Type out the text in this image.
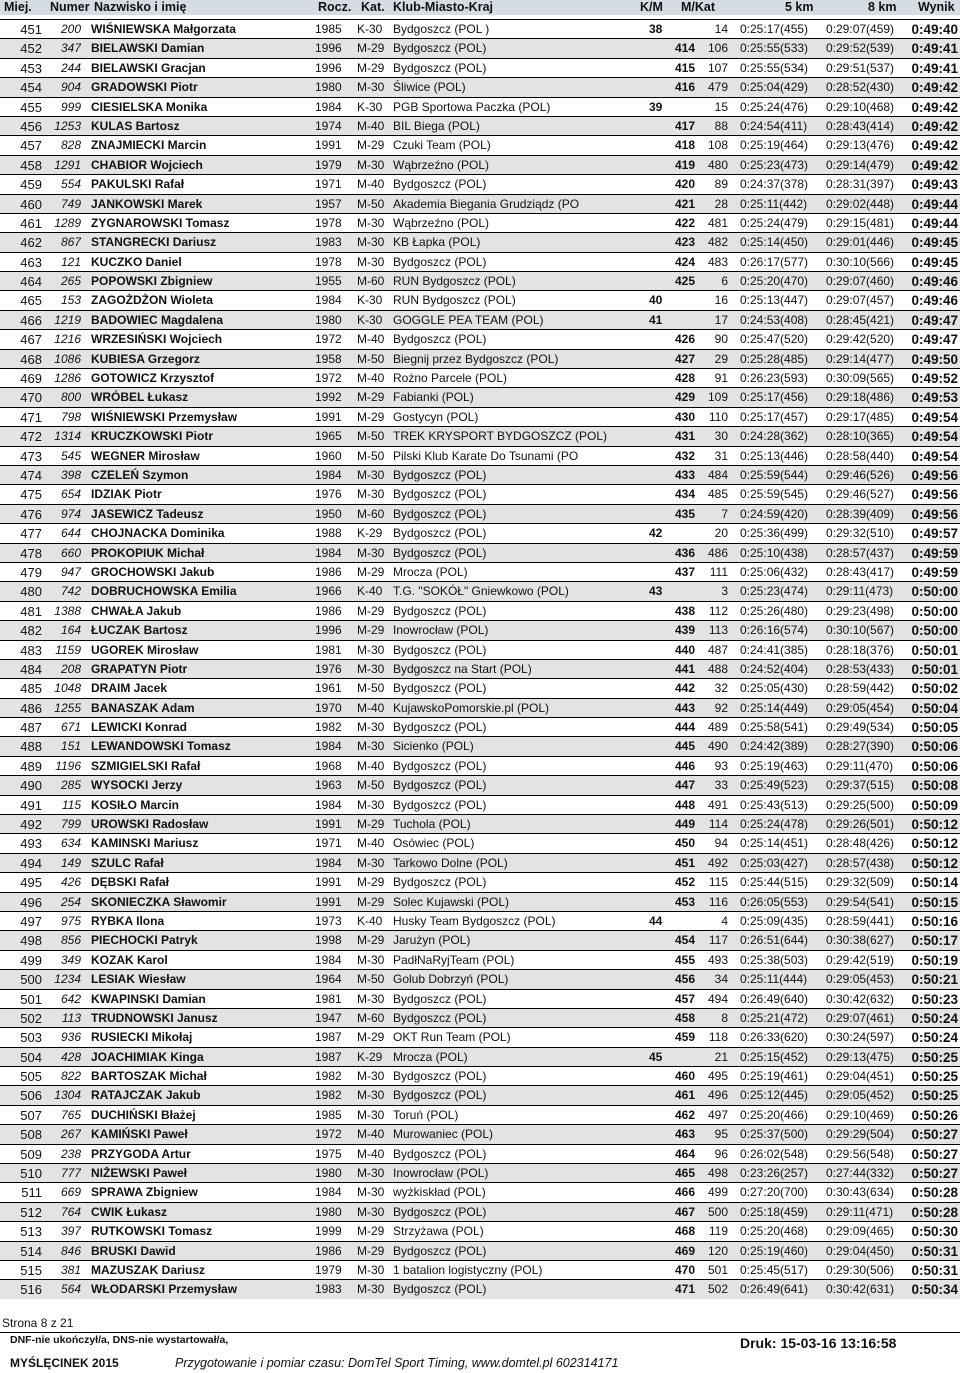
Miej. Numer Nazwisko i imię	Rocz. Kat. Klub-Miasto-Kraj	K/M M/Kat	5 km	8 km Wynik
451	200 WIŚNIEWSKA Małgorzata	1985	K-30 Bydgoszcz (POL )	38	14 0:25:17(455)	0:29:07(459)	0:49:40
452	347 BIELAWSKI Damian	1996	M-29 Bydgoszcz (POL)	414	106 0:25:55(533)	0:29:52(539)	0:49:41
453	244 BIELAWSKI Gracjan	1996	M-29 Bydgoszcz (POL)	415	107 0:25:55(534)	0:29:51(537)	0:49:41
454	904 GRADOWSKI Piotr	1980	M-30 Śliwice (POL)	416	479 0:25:04(429)	0:28:52(430)	0:49:42
455	999 CIESIELSKA Monika	1984	K-30 PGB Sportowa Paczka (POL)	39	15 0:25:24(476)	0:29:10(468)	0:49:42
456	1253 KULAS Bartosz	1974	M-40 BIL Biega (POL)	417	88 0:24:54(411)	0:28:43(414)	0:49:42
457	828 ZNAJMIECKI Marcin	1991	M-29 Czuki Team (POL)	418	108 0:25:19(464)	0:29:13(476)	0:49:42
458	1291 CHABIOR Wojciech	1979	M-30 Wąbrzeźno (POL)	419	480 0:25:23(473)	0:29:14(479)	0:49:42
459	554 PAKULSKI Rafał	1971	M-40 Bydgoszcz (POL)	420	89 0:24:37(378)	0:28:31(397)	0:49:43
460	749 JANKOWSKI Marek	1957	M-50 Akademia Biegania Grudziądz (PO	421	28 0:25:11(442)	0:29:02(448)	0:49:44
461	1289 ZYGNAROWSKI Tomasz	1978	M-30 Wąbrzeźno (POL)	422	481 0:25:24(479)	0:29:15(481)	0:49:44
462	867 STANGRECKI Dariusz	1983	M-30 KB Łapka (POL)	423	482 0:25:14(450)	0:29:01(446)	0:49:45
463	121 KUCZKO Daniel	1978	M-30 Bydgoszcz (POL)	424	483 0:26:17(577)	0:30:10(566)	0:49:45
464	265 POPOWSKI Zbigniew	1955	M-60 RUN Bydgoszcz (POL)	425	6 0:25:20(470)	0:29:07(460)	0:49:46
465	153 ZAGOŻDŻON Wioleta	1984	K-30 RUN Bydgoszcz (POL)	40	16 0:25:13(447)	0:29:07(457)	0:49:46
466	1219 BADOWIEC Magdalena	1980	K-30 GOGGLE PEA TEAM (POL)	41	17 0:24:53(408)	0:28:45(421)	0:49:47
467	1216 WRZESIŃSKI Wojciech	1972	M-40 Bydgoszcz (POL)	426	90 0:25:47(520)	0:29:42(520)	0:49:47
468	1086 KUBIESA Grzegorz	1958	M-50 Biegnij przez Bydgoszcz (POL)	427	29 0:25:28(485)	0:29:14(477)	0:49:50
469	1286 GOTOWICZ Krzysztof	1972	M-40 Rożno Parcele (POL)	428	91 0:26:23(593)	0:30:09(565)	0:49:52
470	800 WRÓBEL Łukasz	1992	M-29 Fabianki (POL)	429	109 0:25:17(456)	0:29:18(486)	0:49:53
471	798 WIŚNIEWSKI Przemysław	1991	M-29 Gostycyn (POL)	430	110 0:25:17(457)	0:29:17(485)	0:49:54
472	1314 KRUCZKOWSKI Piotr	1965	M-50 TREK KRYSPORT BYDGOSZCZ (POL)	431	30 0:24:28(362)	0:28:10(365)	0:49:54
473	545 WEGNER Mirosław	1960	M-50 Pilski Klub Karate Do Tsunami (PO	432	31 0:25:13(446)	0:28:58(440)	0:49:54
474	398 CZELEŃ Szymon	1984	M-30 Bydgoszcz (POL)	433	484 0:25:59(544)	0:29:46(526)	0:49:56
475	654 IDZIAK Piotr	1976	M-30 Bydgoszcz (POL)	434	485 0:25:59(545)	0:29:46(527)	0:49:56
476	974 JASEWICZ Tadeusz	1950	M-60 Bydgoszcz (POL)	435	7 0:24:59(420)	0:28:39(409)	0:49:56
477	644 CHOJNACKA Dominika	1988	K-29 Bydgoszcz (POL)	42	20 0:25:36(499)	0:29:32(510)	0:49:57
478	660 PROKOPIUK Michał	1984	M-30 Bydgoszcz (POL)	436	486 0:25:10(438)	0:28:57(437)	0:49:59
479	947 GROCHOWSKI Jakub	1986	M-29 Mrocza (POL)	437	111 0:25:06(432)	0:28:43(417)	0:49:59
480	742 DOBRUCHOWSKA Emilia	1966	K-40 T.G. "SOKÓŁ" Gniewkowo (POL)	43	3 0:25:23(474)	0:29:11(473)	0:50:00
481	1388 CHWAŁA Jakub	1986	M-29 Bydgoszcz (POL)	438	112 0:25:26(480)	0:29:23(498)	0:50:00
482	164 ŁUCZAK Bartosz	1996	M-29 Inowrocław (POL)	439	113 0:26:16(574)	0:30:10(567)	0:50:00
483	1159 UGOREK Mirosław	1981	M-30 Bydgoszcz (POL)	440	487 0:24:41(385)	0:28:18(376)	0:50:01
484	208 GRAPATYN Piotr	1976	M-30 Bydgoszcz na Start (POL)	441	488 0:24:52(404)	0:28:53(433)	0:50:01
485	1048 DRAIM Jacek	1961	M-50 Bydgoszcz (POL)	442	32 0:25:05(430)	0:28:59(442)	0:50:02
486	1255 BANASZAK Adam	1970	M-40 KujawskoPomorskie.pl (POL)	443	92 0:25:14(449)	0:29:05(454)	0:50:04
487	671 LEWICKI Konrad	1982	M-30 Bydgoszcz (POL)	444	489 0:25:58(541)	0:29:49(534)	0:50:05
488	151 LEWANDOWSKI Tomasz	1984	M-30 Sicienko (POL)	445	490 0:24:42(389)	0:28:27(390)	0:50:06
489	1196 SZMIGIELSKI Rafał	1968	M-40 Bydgoszcz (POL)	446	93 0:25:19(463)	0:29:11(470)	0:50:06
490	285 WYSOCKI Jerzy	1963	M-50 Bydgoszcz (POL)	447	33 0:25:49(523)	0:29:37(515)	0:50:08
491	115 KOSIŁO Marcin	1984	M-30 Bydgoszcz (POL)	448	491 0:25:43(513)	0:29:25(500)	0:50:09
492	799 UROWSKI Radosław	1991	M-29 Tuchola (POL)	449	114 0:25:24(478)	0:29:26(501)	0:50:12
493	634 KAMINSKI Mariusz	1971	M-40 Osówiec (POL)	450	94 0:25:14(451)	0:28:48(426)	0:50:12
494	149 SZULC Rafał	1984	M-30 Tarkowo Dolne (POL)	451	492 0:25:03(427)	0:28:57(438)	0:50:12
495	426 DĘBSKI Rafał	1991	M-29 Bydgoszcz (POL)	452	115 0:25:44(515)	0:29:32(509)	0:50:14
496	254 SKONIECZKA Sławomir	1991	M-29 Solec Kujawski (POL)	453	116 0:26:05(553)	0:29:54(541)	0:50:15
497	975 RYBKA Ilona	1973	K-40 Husky Team Bydgoszcz (POL)	44	4 0:25:09(435)	0:28:59(441)	0:50:16
498	856 PIECHOCKI Patryk	1998	M-29 Jarużyn (POL)	454	117 0:26:51(644)	0:30:38(627)	0:50:17
499	349 KOZAK Karol	1984	M-30 PadłNaRyjTeam (POL)	455	493 0:25:38(503)	0:29:42(519)	0:50:19
500	1234 LESIAK Wiesław	1964	M-50 Golub Dobrzyń (POL)	456	34 0:25:11(444)	0:29:05(453)	0:50:21
501	642 KWAPINSKI Damian	1981	M-30 Bydgoszcz (POL)	457	494 0:26:49(640)	0:30:42(632)	0:50:23
502	113 TRUDNOWSKI Janusz	1947	M-60 Bydgoszcz (POL)	458	8 0:25:21(472)	0:29:07(461)	0:50:24
503	936 RUSIECKI Mikołaj	1987	M-29 OKT Run Team (POL)	459	118 0:26:33(620)	0:30:24(597)	0:50:24
504	428 JOACHIMIAK Kinga	1987	K-29 Mrocza (POL)	45	21 0:25:15(452)	0:29:13(475)	0:50:25
505	822 BARTOSZAK Michał	1982	M-30 Bydgoszcz (POL)	460	495 0:25:19(461)	0:29:04(451)	0:50:25
506	1304 RATAJCZAK Jakub	1982	M-30 Bydgoszcz (POL)	461	496 0:25:12(445)	0:29:05(452)	0:50:25
507	765 DUCHIŃSKI Błażej	1985	M-30 Toruń (POL)	462	497 0:25:20(466)	0:29:10(469)	0:50:26
508	267 KAMIŃSKI Paweł	1972	M-40 Murowaniec (POL)	463	95 0:25:37(500)	0:29:29(504)	0:50:27
509	238 PRZYGODA Artur	1975	M-40 Bydgoszcz (POL)	464	96 0:26:02(548)	0:29:56(548)	0:50:27
510	777 NIŻEWSKI Paweł	1980	M-30 Inowrocław (POL)	465	498 0:23:26(257)	0:27:44(332)	0:50:27
511	669 SPRAWA Zbigniew	1984	M-30 wyżkiskład (POL)	466	499 0:27:20(700)	0:30:43(634)	0:50:28
512	764 CWIK Łukasz	1980	M-30 Bydgoszcz (POL)	467	500 0:25:18(459)	0:29:11(471)	0:50:28
513	397 RUTKOWSKI Tomasz	1999	M-29 Strzyżawa (POL)	468	119 0:25:20(468)	0:29:09(465)	0:50:30
514	846 BRUSKI Dawid	1986	M-29 Bydgoszcz (POL)	469	120 0:25:19(460)	0:29:04(450)	0:50:31
515	381 MAZUSZAK Dariusz	1979	M-30 1 batalion logistyczny (POL)	470	501 0:25:45(517)	0:29:30(506)	0:50:31
516	564 WŁODARSKI Przemysław	1983	M-30 Bydgoszcz (POL)	471	502 0:26:49(641)	0:30:42(631)	0:50:34
Strona 8 z 21
DNF-nie ukończył/a, DNS-nie wystartował/a,	Druk: 15-03-16 13:16:58
MYŚLĘCINEK 2015	Przygotowanie i pomiar czasu: DomTel Sport Timing, www.domtel.pl 602314171
